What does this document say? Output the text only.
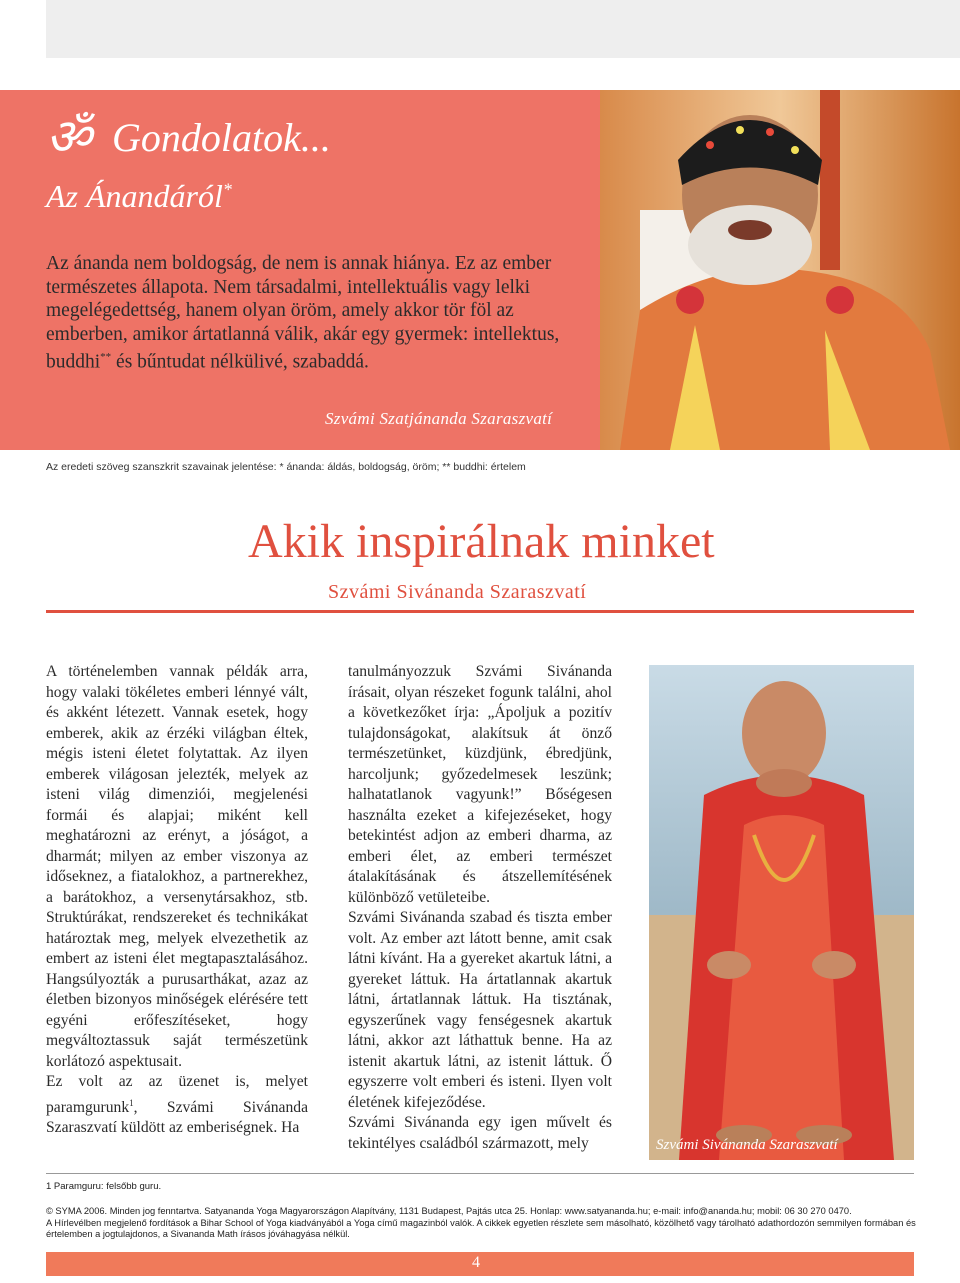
ॐ Gondolatok...
Az Ánandáról*
Az ánanda nem boldogság, de nem is annak hiánya. Ez az ember természetes állapota. Nem társadalmi, intellektuális vagy lelki megelégedettség, hanem olyan öröm, amely akkor tör föl az emberben, amikor ártatlanná válik, akár egy gyermek: intellektus, buddhi** és bűntudat nélkülivé, szabaddá.
Szvámi Szatjánanda Szaraszvatí
Az eredeti szöveg szanszkrit szavainak jelentése: * ánanda: áldás, boldogság, öröm; ** buddhi: értelem
Akik inspirálnak minket
Szvámi Sivánanda Szaraszvatí

A történelemben vannak példák arra, hogy valaki tökéletes emberi lénnyé vált, és akként létezett. Vannak esetek, hogy emberek, akik az érzéki világban éltek, mégis isteni életet folytattak. Az ilyen emberek világosan jelezték, melyek az isteni világ dimenziói, megjelenési formái és alapjai; miként kell meghatározni az erényt, a jóságot, a dharmát; milyen az ember viszonya az időseknez, a fiatalokhoz, a partnerekhez, a barátokhoz, a versenytársakhoz, stb. Struktúrákat, rendszereket és technikákat határoztak meg, melyek elvezethetik az embert az isteni élet megtapasztalásához. Hangsúlyozták a purusarthákat, azaz az életben bizonyos minőségek elérésére tett egyéni erőfeszítéseket, hogy megváltoztassuk saját természetünk korlátozó aspektusait.

Ez volt az az üzenet is, melyet paramgurunk$^1$, Szvámi Sivánanda Szaraszvatí küldött az emberiségnek. Ha

tanulmányozzuk Szvámi Sivánanda írásait, olyan részeket fogunk találni, ahol a következőket írja: „Ápoljuk a pozitív tulajdonságokat, alakítsuk át önző természetünket, küzdjünk, ébredjünk, harcoljunk; győzedelmesek leszünk; halhatatlanok vagyunk!” Bőségesen használta ezeket a kifejezéseket, hogy betekintést adjon az emberi dharma, az emberi élet, az emberi természet átalakításának és átszellemítésének különböző vetületeibe.

Szvámi Sivánanda szabad és tiszta ember volt. Az ember azt látott benne, amit csak látni kívánt. Ha a gyereket akartuk látni, a gyereket láttuk. Ha ártatlannak akartuk látni, ártatlannak láttuk. Ha tisztának, egyszerűnek vagy fenségesnek akartuk látni, akkor azt láthattuk benne. Ha az istenit akartuk látni, az istenit láttuk. Ő egyszerre volt emberi és isteni. Ilyen volt életének kifejeződése.

Szvámi Sivánanda egy igen művelt és tekintélyes családból származott, mely	Szvámi Sivánanda Szaraszvatí
1 Paramguru: felsőbb guru.

© SYMA 2006. Minden jog fenntartva. Satyananda Yoga Magyarországon Alapítvány, 1131 Budapest, Pajtás utca 25. Honlap: www.satyananda.hu; e-mail: info@ananda.hu; mobil: 06 30 270 0470.

A Hírlevélben megjelenő fordítások a Bihar School of Yoga kiadványából a Yoga című magazinból valók. A cikkek egyetlen részlete sem másolható, közölhető vagy tárolható adathordozón semmilyen formában és értelemben a jogtulajdonos, a Sivananda Math írásos jóváhagyása nélkül.

4
